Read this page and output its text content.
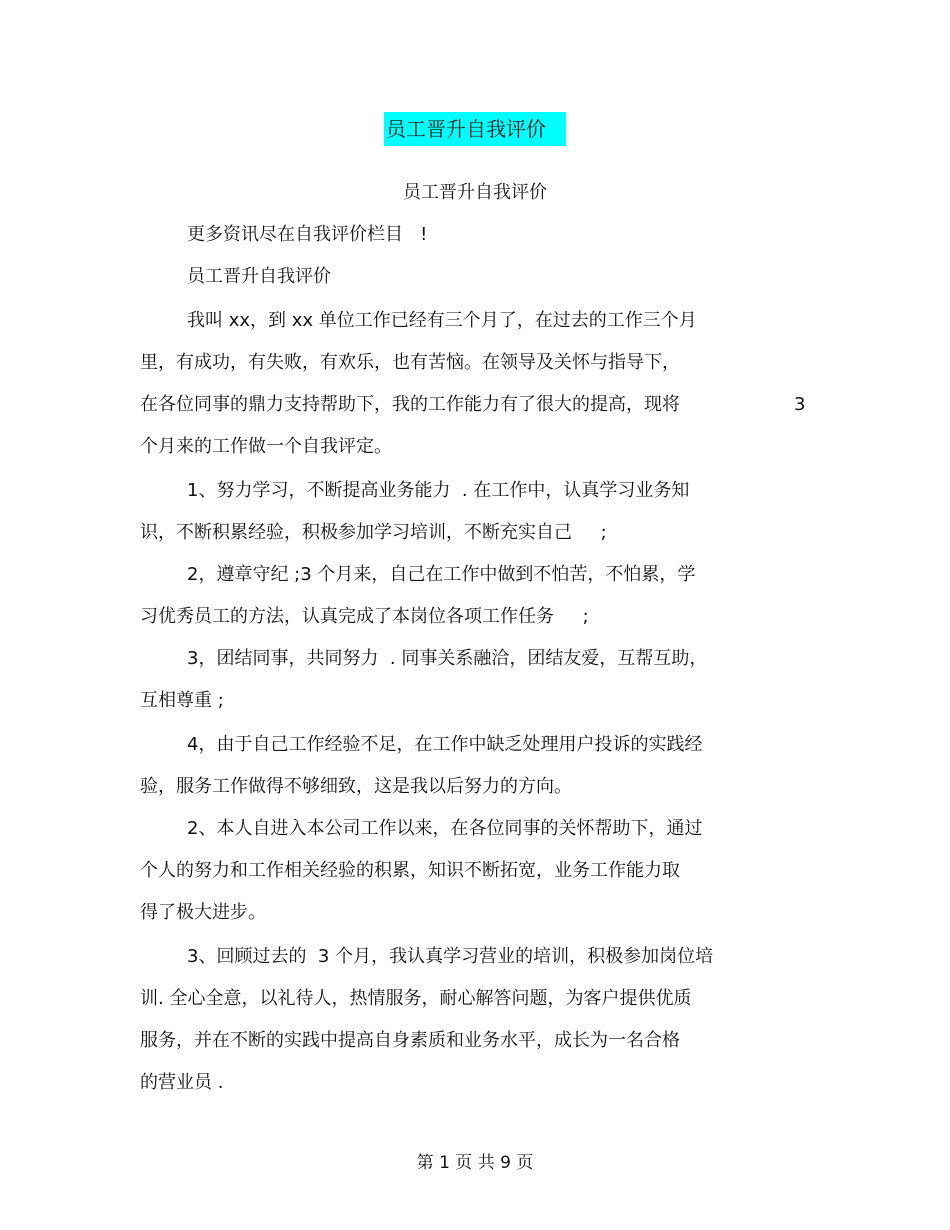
员工晋升自我评价
员工晋升自我评价
更多资讯尽在自我评价栏目   !
员工晋升自我评价
我叫 xx，到 xx 单位工作已经有三个月了，在过去的工作三个月
里，有成功，有失败，有欢乐，也有苦恼。在领导及关怀与指导下，
在各位同事的鼎力支持帮助下，我的工作能力有了很大的提高，现将	3
个月来的工作做一个自我评定。
1、努力学习，不断提高业务能力  . 在工作中，认真学习业务知
识，不断积累经验，积极参加学习培训，不断充实自己     ;
2，遵章守纪 ;3 个月来，自己在工作中做到不怕苦，不怕累，学
习优秀员工的方法，认真完成了本岗位各项工作任务     ;
3，团结同事，共同努力  . 同事关系融洽，团结友爱，互帮互助，
互相尊重 ;
4，由于自己工作经验不足，在工作中缺乏处理用户投诉的实践经
验，服务工作做得不够细致，这是我以后努力的方向。
2、本人自进入本公司工作以来，在各位同事的关怀帮助下，通过
个人的努力和工作相关经验的积累，知识不断拓宽，业务工作能力取
得了极大进步。
3、回顾过去的  3 个月，我认真学习营业的培训，积极参加岗位培
训. 全心全意，以礼待人，热情服务，耐心解答问题，为客户提供优质
服务，并在不断的实践中提高自身素质和业务水平，成长为一名合格
的营业员 .
第 1 页 共 9 页
